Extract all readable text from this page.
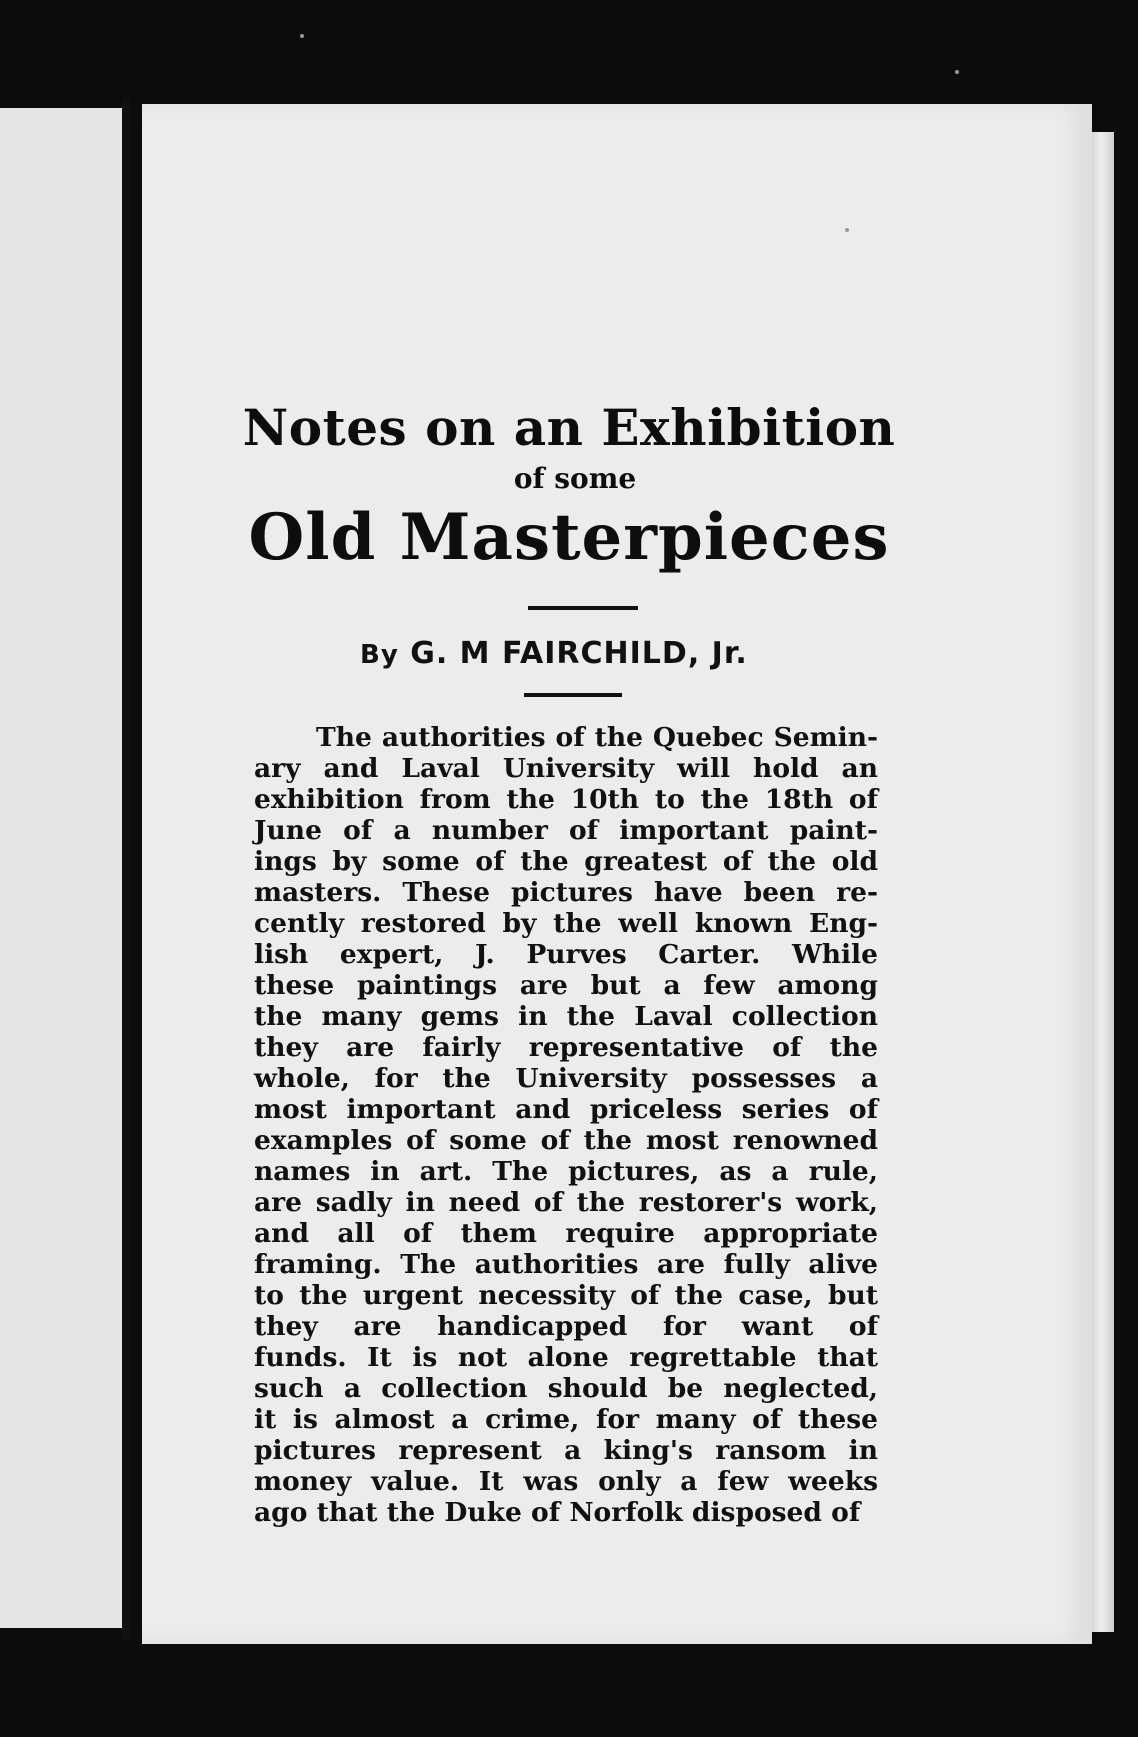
Notes on an Exhibition
of some
Old Masterpieces
By G. M FAIRCHILD, Jr.
The authorities of the Quebec Semin-
ary and Laval University will hold an
exhibition from the 10th to the 18th of
June of a number of important paint-
ings by some of the greatest of the old
masters. These pictures have been re-
cently restored by the well known Eng-
lish expert, J. Purves Carter. While
these paintings are but a few among
the many gems in the Laval collection
they are fairly representative of the
whole, for the University possesses a
most important and priceless series of
examples of some of the most renowned
names in art. The pictures, as a rule,
are sadly in need of the restorer's work,
and all of them require appropriate
framing. The authorities are fully alive
to the urgent necessity of the case, but
they are handicapped for want of
funds. It is not alone regrettable that
such a collection should be neglected,
it is almost a crime, for many of these
pictures represent a king's ransom in
money value. It was only a few weeks
ago that the Duke of Norfolk disposed of
